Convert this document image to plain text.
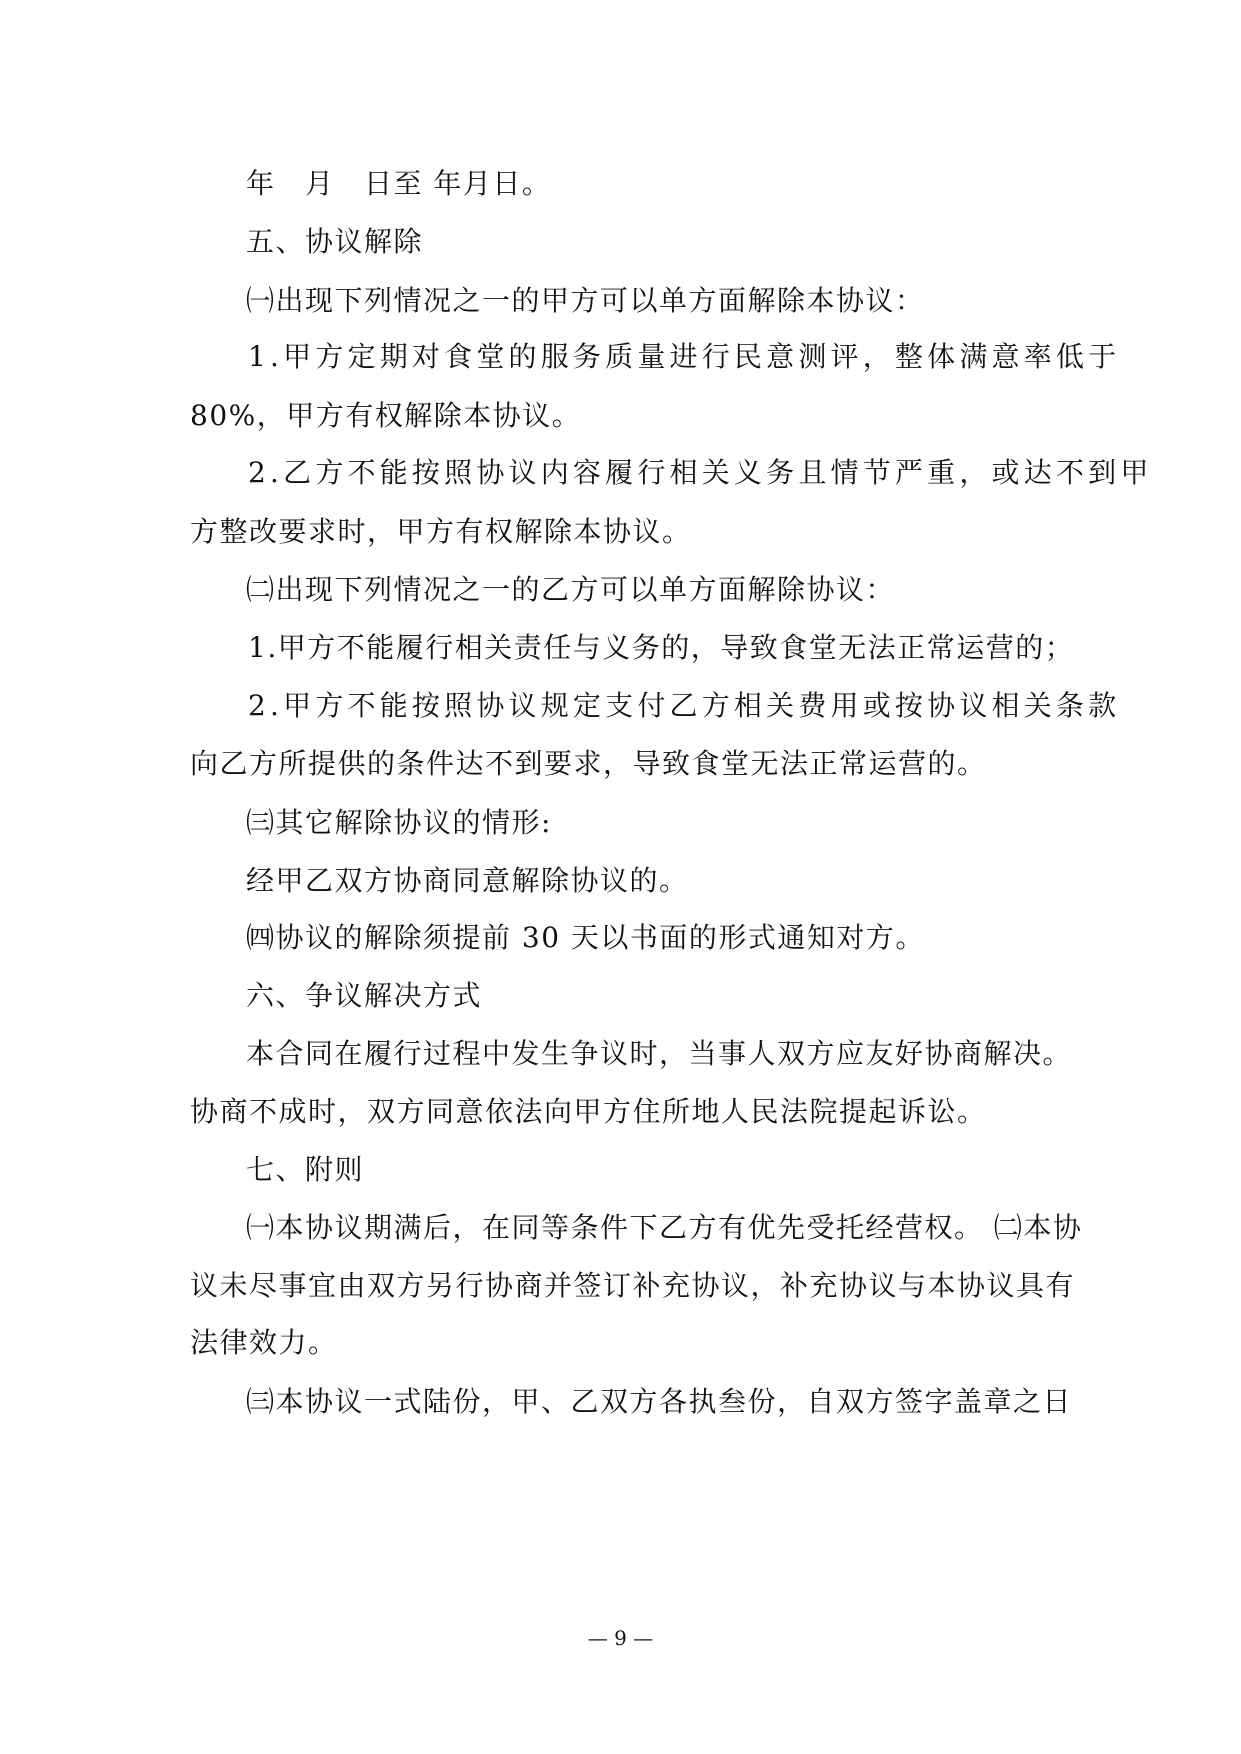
年　月　日至 年月日。
五、协议解除
㈠出现下列情况之一的甲方可以单方面解除本协议：
1.甲方定期对食堂的服务质量进行民意测评，整体满意率低于
80%，甲方有权解除本协议。
2.乙方不能按照协议内容履行相关义务且情节严重，或达不到甲
方整改要求时，甲方有权解除本协议。
㈡出现下列情况之一的乙方可以单方面解除协议：
1.甲方不能履行相关责任与义务的，导致食堂无法正常运营的；
2.甲方不能按照协议规定支付乙方相关费用或按协议相关条款
向乙方所提供的条件达不到要求，导致食堂无法正常运营的。
㈢其它解除协议的情形:
经甲乙双方协商同意解除协议的。
㈣协议的解除须提前 30 天以书面的形式通知对方。
六、争议解决方式
本合同在履行过程中发生争议时，当事人双方应友好协商解决。
协商不成时，双方同意依法向甲方住所地人民法院提起诉讼。
七、附则
㈠本协议期满后，在同等条件下乙方有优先受托经营权。 ㈡本协
议未尽事宜由双方另行协商并签订补充协议，补充协议与本协议具有
法律效力。
㈢本协议一式陆份，甲、乙双方各执叁份，自双方签字盖章之日
— 9 —
